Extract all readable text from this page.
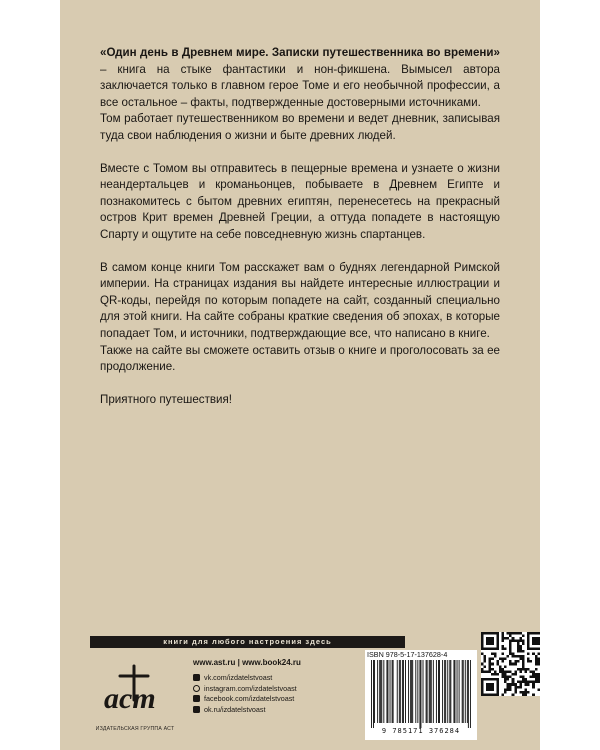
«Один день в Древнем мире. Записки путешественника во времени» – книга на стыке фантастики и нон-фикшена. Вымысел автора заключается только в главном герое Томе и его необычной профессии, а все остальное – факты, подтвержденные достоверными источниками.

Том работает путешественником во времени и ведет дневник, записывая туда свои наблюдения о жизни и быте древних людей.

Вместе с Томом вы отправитесь в пещерные времена и узнаете о жизни неандертальцев и кроманьонцев, побываете в Древнем Египте и познакомитесь с бытом древних египтян, перенесетесь на прекрасный остров Крит времен Древней Греции, а оттуда попадете в настоящую Спарту и ощутите на себе повседневную жизнь спартанцев.

В самом конце книги Том расскажет вам о буднях легендарной Римской империи. На страницах издания вы найдете интересные иллюстрации и QR-коды, перейдя по которым попадете на сайт, созданный специально для этой книги. На сайте собраны краткие сведения об эпохах, в которые попадает Том, и источники, подтверждающие все, что написано в книге.

Также на сайте вы сможете оставить отзыв о книге и проголосовать за ее продолжение.

Приятного путешествия!

книги для любого настроения здесь
аст
ИЗДАТЕЛЬСКАЯ ГРУППА АСТ
www.ast.ru | www.book24.ru
vk.com/izdatelstvoast
instagram.com/izdatelstvoast
facebook.com/izdatelstvoast
ok.ru/izdatelstvoast
ISBN 978-5-17-137628-4
9 785171 376284
